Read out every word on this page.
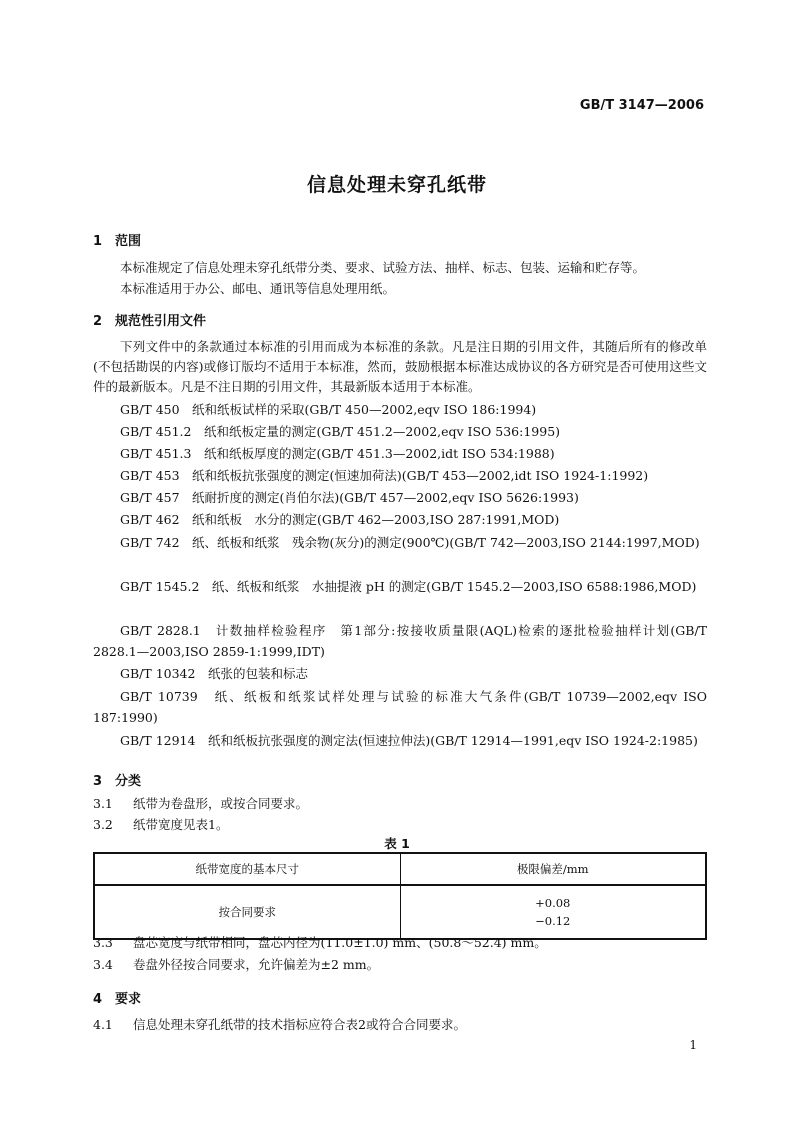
GB/T 3147—2006
信息处理未穿孔纸带
1 范围
本标准规定了信息处理未穿孔纸带分类、要求、试验方法、抽样、标志、包装、运输和贮存等。
本标准适用于办公、邮电、通讯等信息处理用纸。
2 规范性引用文件
下列文件中的条款通过本标准的引用而成为本标准的条款。凡是注日期的引用文件，其随后所有的修改单(不包括勘误的内容)或修订版均不适用于本标准，然而，鼓励根据本标准达成协议的各方研究是否可使用这些文件的最新版本。凡是不注日期的引用文件，其最新版本适用于本标准。
GB/T 450　纸和纸板试样的采取(GB/T 450—2002,eqv ISO 186:1994)
GB/T 451.2　纸和纸板定量的测定(GB/T 451.2—2002,eqv ISO 536:1995)
GB/T 451.3　纸和纸板厚度的测定(GB/T 451.3—2002,idt ISO 534:1988)
GB/T 453　纸和纸板抗张强度的测定(恒速加荷法)(GB/T 453—2002,idt ISO 1924-1:1992)
GB/T 457　纸耐折度的测定(肖伯尔法)(GB/T 457—2002,eqv ISO 5626:1993)
GB/T 462　纸和纸板　水分的测定(GB/T 462—2003,ISO 287:1991,MOD)
GB/T 742　纸、纸板和纸浆　残余物(灰分)的测定(900℃)(GB/T 742—2003,ISO 2144:1997,MOD)
GB/T 1545.2　纸、纸板和纸浆　水抽提液 pH 的测定(GB/T 1545.2—2003,ISO 6588:1986,MOD)
GB/T 2828.1　计数抽样检验程序　第1部分:按接收质量限(AQL)检索的逐批检验抽样计划(GB/T 2828.1—2003,ISO 2859-1:1999,IDT)
GB/T 10342　纸张的包装和标志
GB/T 10739　纸、纸板和纸浆试样处理与试验的标准大气条件(GB/T 10739—2002,eqv ISO 187:1990)
GB/T 12914　纸和纸板抗张强度的测定法(恒速拉伸法)(GB/T 12914—1991,eqv ISO 1924-2:1985)
3 分类
3.1 纸带为卷盘形，或按合同要求。
3.2 纸带宽度见表1。
表 1
纸带宽度的基本尺寸	极限偏差/mm
按合同要求	+0.08
−0.12
3.3 盘芯宽度与纸带相同，盘芯内径为(11.0±1.0) mm、(50.8～52.4) mm。
3.4 卷盘外径按合同要求，允许偏差为±2 mm。
4 要求
4.1 信息处理未穿孔纸带的技术指标应符合表2或符合合同要求。
1
